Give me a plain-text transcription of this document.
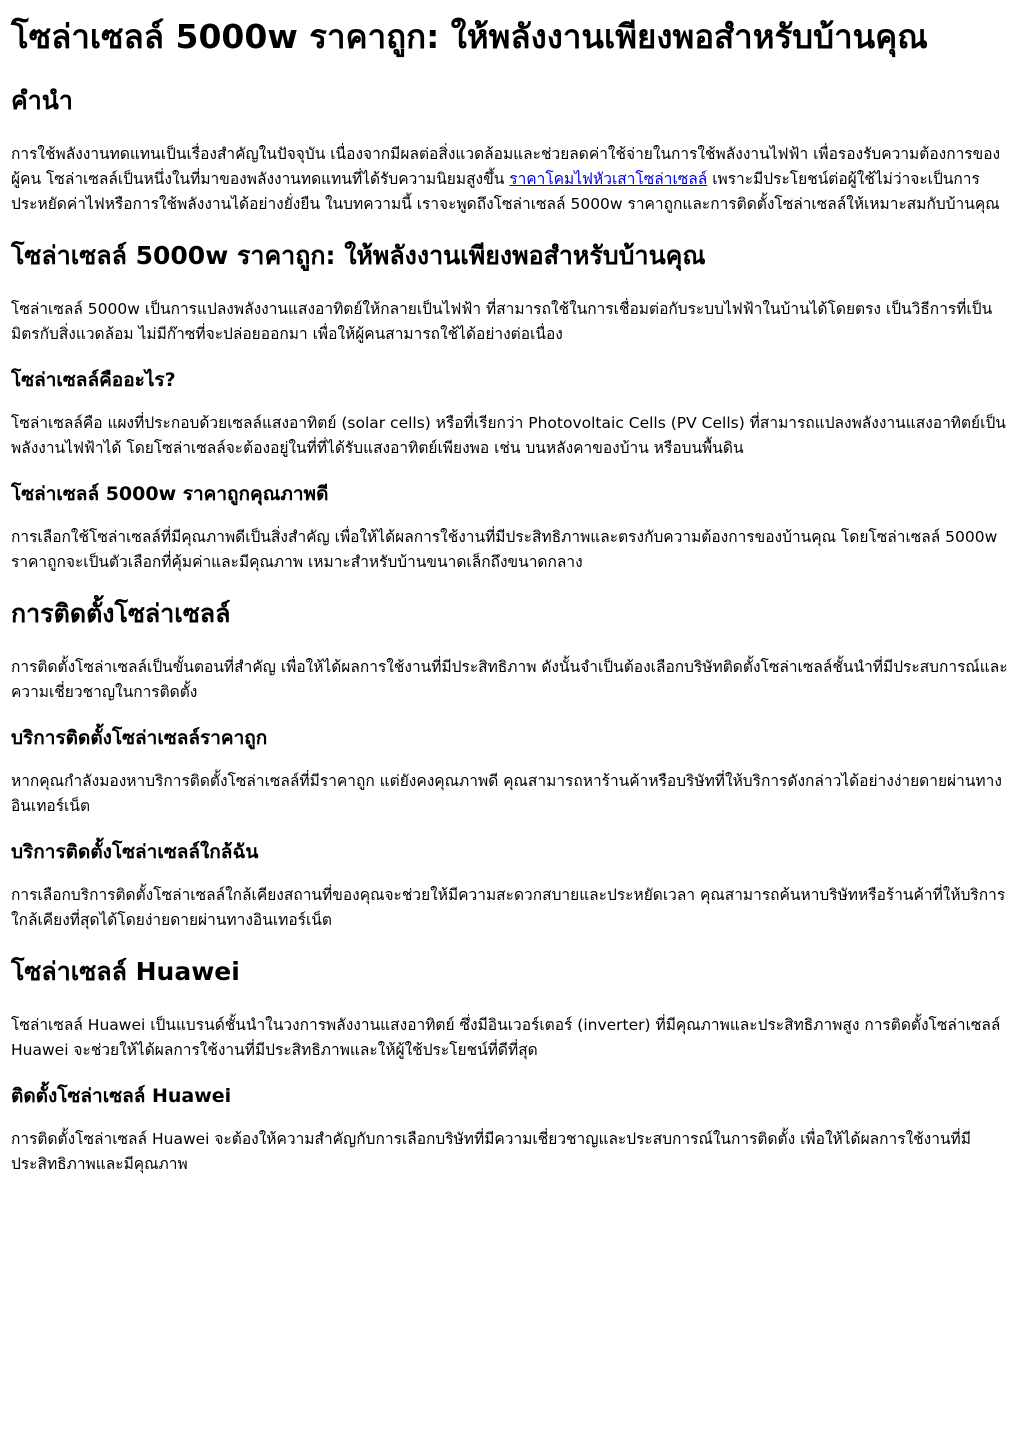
โซล่าเซลล์ 5000w ราคาถูก: ให้พลังงานเพียงพอสำหรับบ้านคุณ
คำนำ

การใช้พลังงานทดแทนเป็นเรื่องสำคัญในปัจจุบัน เนื่องจากมีผลต่อสิ่งแวดล้อมและช่วยลดค่าใช้จ่ายในการใช้พลังงานไฟฟ้า เพื่อรองรับความต้องการของผู้คน โซล่าเซลล์เป็นหนึ่งในที่มาของพลังงานทดแทนที่ได้รับความนิยมสูงขึ้น ราคาโคมไฟหัวเสาโซล่าเซลล์ เพราะมีประโยชน์ต่อผู้ใช้ไม่ว่าจะเป็นการประหยัดค่าไฟหรือการใช้พลังงานได้อย่างยั่งยืน ในบทความนี้ เราจะพูดถึงโซล่าเซลล์ 5000w ราคาถูกและการติดตั้งโซล่าเซลล์ให้เหมาะสมกับบ้านคุณ

โซล่าเซลล์ 5000w ราคาถูก: ให้พลังงานเพียงพอสำหรับบ้านคุณ

โซล่าเซลล์ 5000w เป็นการแปลงพลังงานแสงอาทิตย์ให้กลายเป็นไฟฟ้า ที่สามารถใช้ในการเชื่อมต่อกับระบบไฟฟ้าในบ้านได้โดยตรง เป็นวิธีการที่เป็นมิตรกับสิ่งแวดล้อม ไม่มีก๊าซที่จะปล่อยออกมา เพื่อให้ผู้คนสามารถใช้ได้อย่างต่อเนื่อง

โซล่าเซลล์คืออะไร?

โซล่าเซลล์คือ แผงที่ประกอบด้วยเซลล์แสงอาทิตย์ (solar cells) หรือที่เรียกว่า Photovoltaic Cells (PV Cells) ที่สามารถแปลงพลังงานแสงอาทิตย์เป็นพลังงานไฟฟ้าได้ โดยโซล่าเซลล์จะต้องอยู่ในที่ที่ได้รับแสงอาทิตย์เพียงพอ เช่น บนหลังคาของบ้าน หรือบนพื้นดิน

โซล่าเซลล์ 5000w ราคาถูกคุณภาพดี

การเลือกใช้โซล่าเซลล์ที่มีคุณภาพดีเป็นสิ่งสำคัญ เพื่อให้ได้ผลการใช้งานที่มีประสิทธิภาพและตรงกับความต้องการของบ้านคุณ โดยโซล่าเซลล์ 5000w ราคาถูกจะเป็นตัวเลือกที่คุ้มค่าและมีคุณภาพ เหมาะสำหรับบ้านขนาดเล็กถึงขนาดกลาง

การติดตั้งโซล่าเซลล์

การติดตั้งโซล่าเซลล์เป็นขั้นตอนที่สำคัญ เพื่อให้ได้ผลการใช้งานที่มีประสิทธิภาพ ดังนั้นจำเป็นต้องเลือกบริษัทติดตั้งโซล่าเซลล์ชั้นนำที่มีประสบการณ์และความเชี่ยวชาญในการติดตั้ง

บริการติดตั้งโซล่าเซลล์ราคาถูก

หากคุณกำลังมองหาบริการติดตั้งโซล่าเซลล์ที่มีราคาถูก แต่ยังคงคุณภาพดี คุณสามารถหาร้านค้าหรือบริษัทที่ให้บริการดังกล่าวได้อย่างง่ายดายผ่านทางอินเทอร์เน็ต

บริการติดตั้งโซล่าเซลล์ใกล้ฉัน

การเลือกบริการติดตั้งโซล่าเซลล์ใกล้เคียงสถานที่ของคุณจะช่วยให้มีความสะดวกสบายและประหยัดเวลา คุณสามารถค้นหาบริษัทหรือร้านค้าที่ให้บริการใกล้เคียงที่สุดได้โดยง่ายดายผ่านทางอินเทอร์เน็ต

โซล่าเซลล์ Huawei

โซล่าเซลล์ Huawei เป็นแบรนด์ชั้นนำในวงการพลังงานแสงอาทิตย์ ซึ่งมีอินเวอร์เตอร์ (inverter) ที่มีคุณภาพและประสิทธิภาพสูง การติดตั้งโซล่าเซลล์ Huawei จะช่วยให้ได้ผลการใช้งานที่มีประสิทธิภาพและให้ผู้ใช้ประโยชน์ที่ดีที่สุด

ติดตั้งโซล่าเซลล์ Huawei

การติดตั้งโซล่าเซลล์ Huawei จะต้องให้ความสำคัญกับการเลือกบริษัทที่มีความเชี่ยวชาญและประสบการณ์ในการติดตั้ง เพื่อให้ได้ผลการใช้งานที่มีประสิทธิภาพและมีคุณภาพ
